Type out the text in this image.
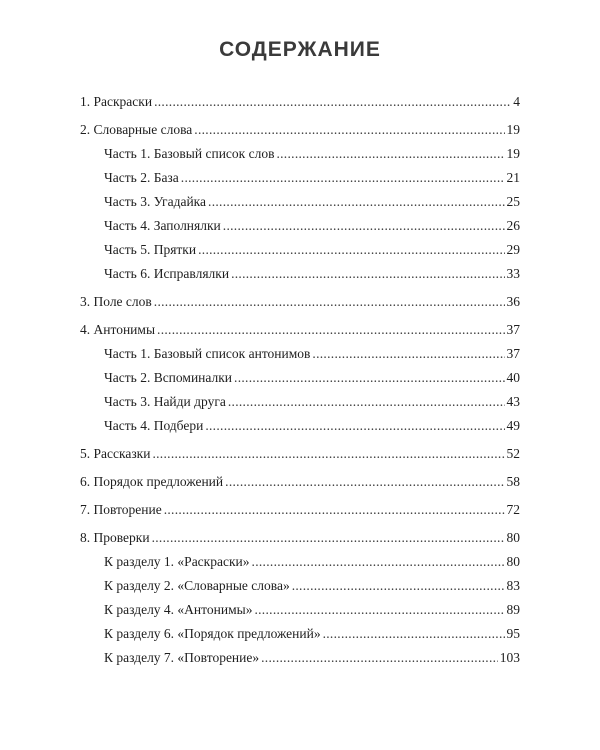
СОДЕРЖАНИЕ
1. Раскраски .....	4
2. Словарные слова .....	19
Часть 1. Базовый список слов .....	19
Часть 2. База .....	21
Часть 3. Угадайка .....	25
Часть 4. Заполнялки .....	26
Часть 5. Прятки .....	29
Часть 6. Исправлялки .....	33
3. Поле слов .....	36
4. Антонимы .....	37
Часть 1. Базовый список антонимов .....	37
Часть 2. Вспоминалки .....	40
Часть 3. Найди друга .....	43
Часть 4. Подбери .....	49
5. Рассказки .....	52
6. Порядок предложений .....	58
7. Повторение .....	72
8. Проверки .....	80
К разделу 1. «Раскраски» .....	80
К разделу 2. «Словарные слова» .....	83
К разделу 4. «Антонимы» .....	89
К разделу 6. «Порядок предложений» .....	95
К разделу 7. «Повторение» .....	103
